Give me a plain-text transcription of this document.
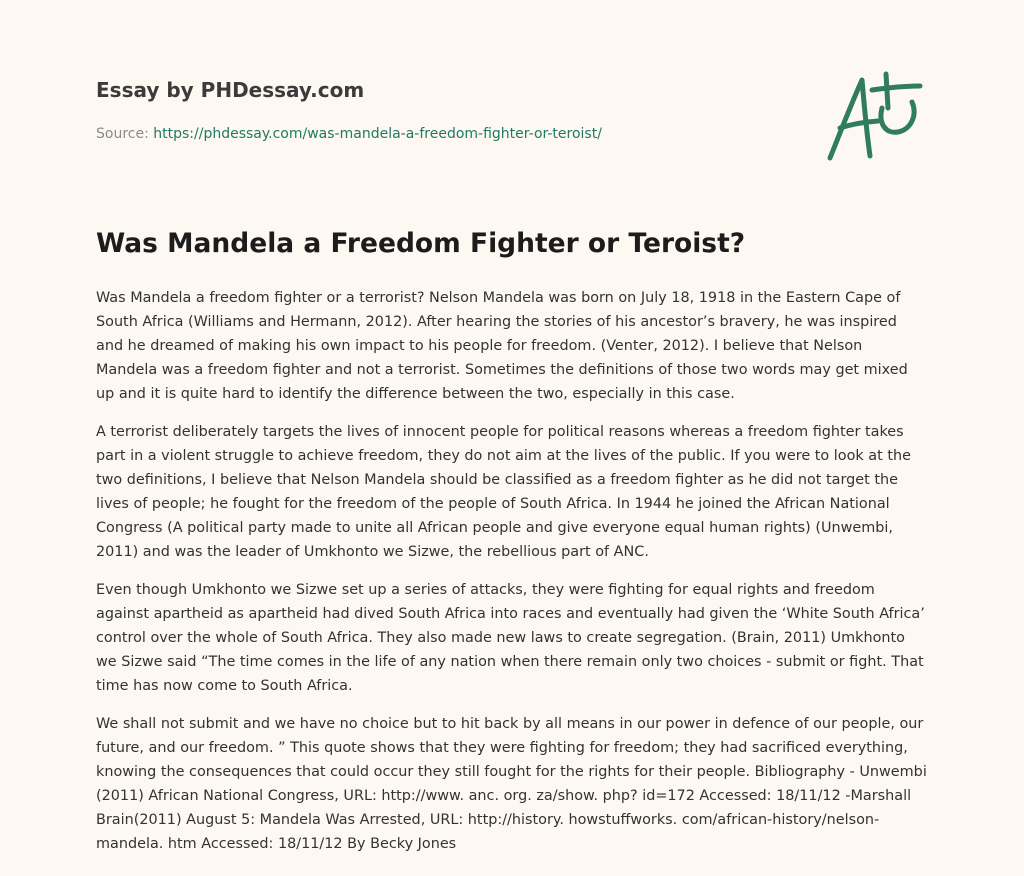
Essay by PHDessay.com
Source: https://phdessay.com/was-mandela-a-freedom-fighter-or-teroist/
Was Mandela a Freedom Fighter or Teroist?

Was Mandela a freedom fighter or a terrorist? Nelson Mandela was born on July 18, 1918 in the Eastern Cape of South Africa (Williams and Hermann, 2012). After hearing the stories of his ancestor’s bravery, he was inspired and he dreamed of making his own impact to his people for freedom. (Venter, 2012). I believe that Nelson Mandela was a freedom fighter and not a terrorist. Sometimes the definitions of those two words may get mixed up and it is quite hard to identify the difference between the two, especially in this case.

A terrorist deliberately targets the lives of innocent people for political reasons whereas a freedom fighter takes part in a violent struggle to achieve freedom, they do not aim at the lives of the public. If you were to look at the two definitions, I believe that Nelson Mandela should be classified as a freedom fighter as he did not target the lives of people; he fought for the freedom of the people of South Africa. In 1944 he joined the African National Congress (A political party made to unite all African people and give everyone equal human rights) (Unwembi, 2011) and was the leader of Umkhonto we Sizwe, the rebellious part of ANC.

Even though Umkhonto we Sizwe set up a series of attacks, they were fighting for equal rights and freedom against apartheid as apartheid had dived South Africa into races and eventually had given the ‘White South Africa’ control over the whole of South Africa. They also made new laws to create segregation. (Brain, 2011) Umkhonto we Sizwe said “The time comes in the life of any nation when there remain only two choices - submit or fight. That time has now come to South Africa.

We shall not submit and we have no choice but to hit back by all means in our power in defence of our people, our future, and our freedom. ” This quote shows that they were fighting for freedom; they had sacrificed everything, knowing the consequences that could occur they still fought for the rights for their people. Bibliography - Unwembi (2011) African National Congress, URL: http://www. anc. org. za/show. php? id=172 Accessed: 18/11/12 -Marshall Brain(2011) August 5: Mandela Was Arrested, URL: http://history. howstuffworks. com/african-history/nelson-mandela. htm Accessed: 18/11/12 By Becky Jones
